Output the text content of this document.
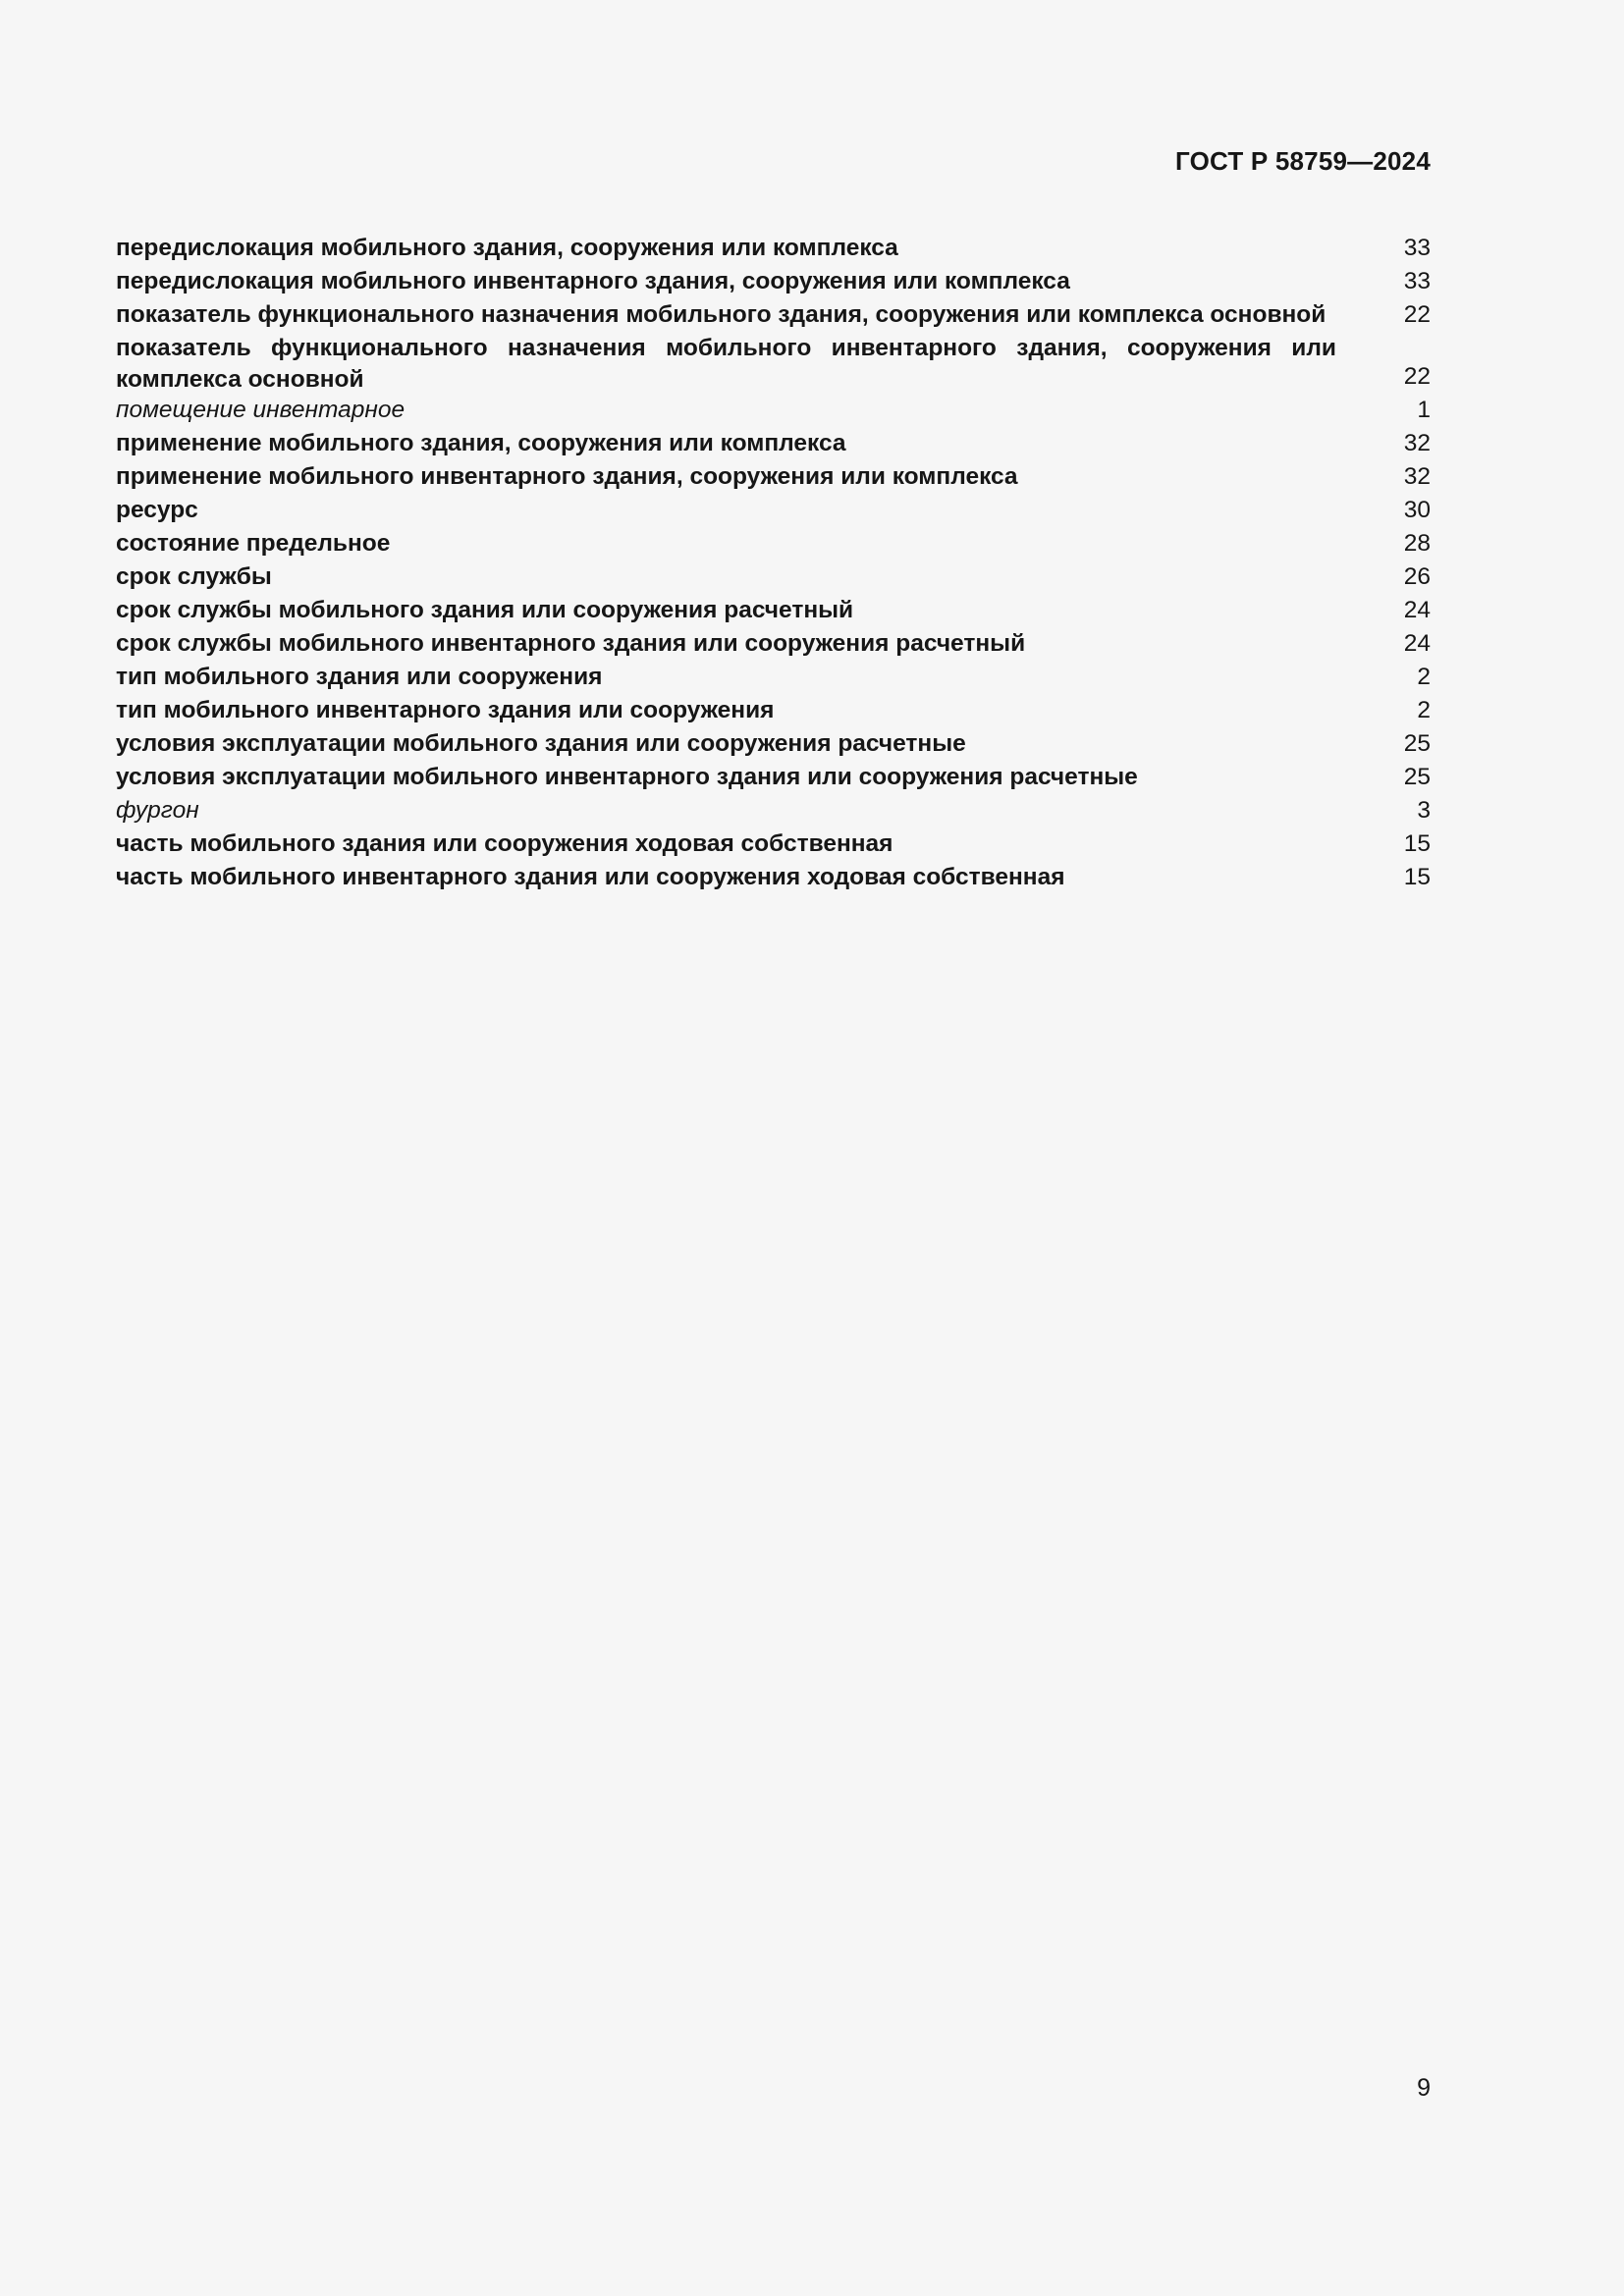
ГОСТ Р 58759—2024
передислокация мобильного здания, сооружения или комплекса	33
передислокация мобильного инвентарного здания, сооружения или комплекса	33
показатель функционального назначения мобильного здания, сооружения или комплекса основной	22
показатель функционального назначения мобильного инвентарного здания, сооружения или комплекса основной	22
помещение инвентарное	1
применение мобильного здания, сооружения или комплекса	32
применение мобильного инвентарного здания, сооружения или комплекса	32
ресурс	30
состояние предельное	28
срок службы	26
срок службы мобильного здания или сооружения расчетный	24
срок службы мобильного инвентарного здания или сооружения расчетный	24
тип мобильного здания или сооружения	2
тип мобильного инвентарного здания или сооружения	2
условия эксплуатации мобильного здания или сооружения расчетные	25
условия эксплуатации мобильного инвентарного здания или сооружения расчетные	25
фургон	3
часть мобильного здания или сооружения ходовая собственная	15
часть мобильного инвентарного здания или сооружения ходовая собственная	15
9
